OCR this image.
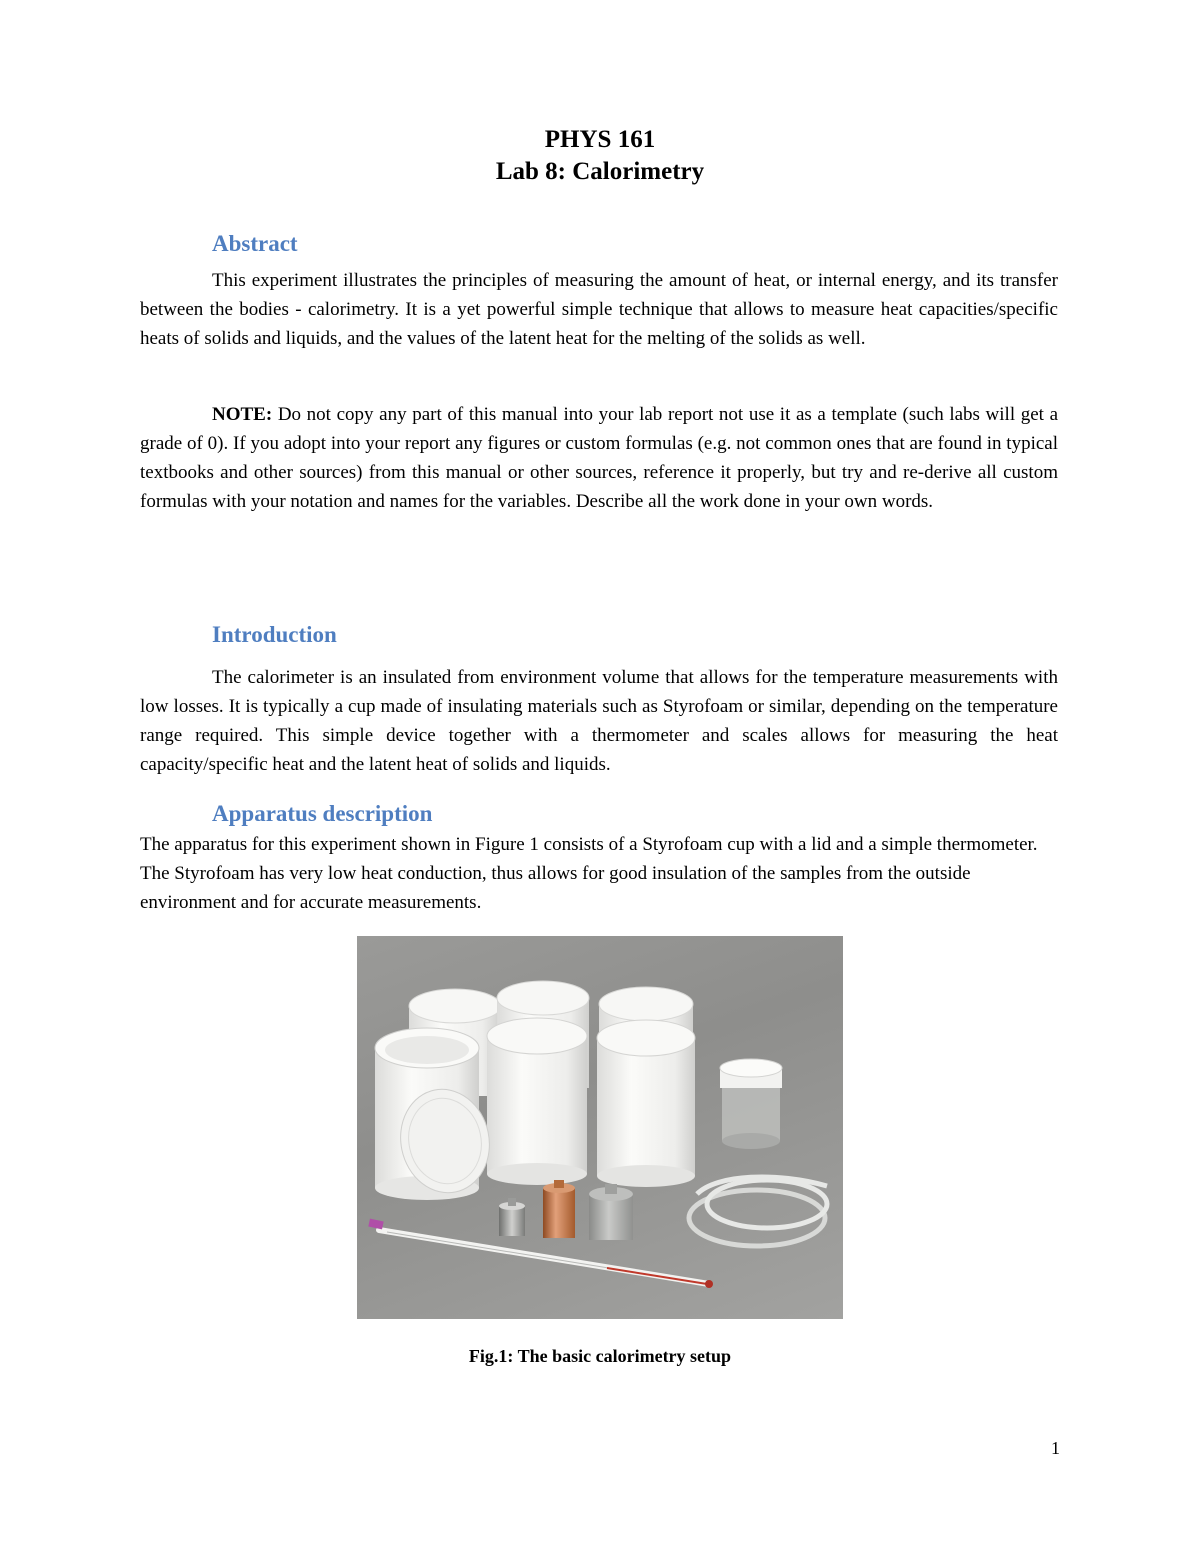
PHYS 161
Lab 8: Calorimetry
Abstract
This experiment illustrates the principles of measuring the amount of heat, or internal energy, and its transfer between the bodies - calorimetry. It is a yet powerful simple technique that allows to measure heat capacities/specific heats of solids and liquids, and the values of the latent heat for the melting of the solids as well.
NOTE: Do not copy any part of this manual into your lab report not use it as a template (such labs will get a grade of 0). If you adopt into your report any figures or custom formulas (e.g. not common ones that are found in typical textbooks and other sources) from this manual or other sources, reference it properly, but try and re-derive all custom formulas with your notation and names for the variables. Describe all the work done in your own words.
Introduction
The calorimeter is an insulated from environment volume that allows for the temperature measurements with low losses. It is typically a cup made of insulating materials such as Styrofoam or similar, depending on the temperature range required. This simple device together with a thermometer and scales allows for measuring the heat capacity/specific heat and the latent heat of solids and liquids.
Apparatus description
The apparatus for this experiment shown in Figure 1 consists of a Styrofoam cup with a lid and a simple thermometer. The Styrofoam has very low heat conduction, thus allows for good insulation of the samples from the outside environment and for accurate measurements.
Fig.1: The basic calorimetry setup
1
